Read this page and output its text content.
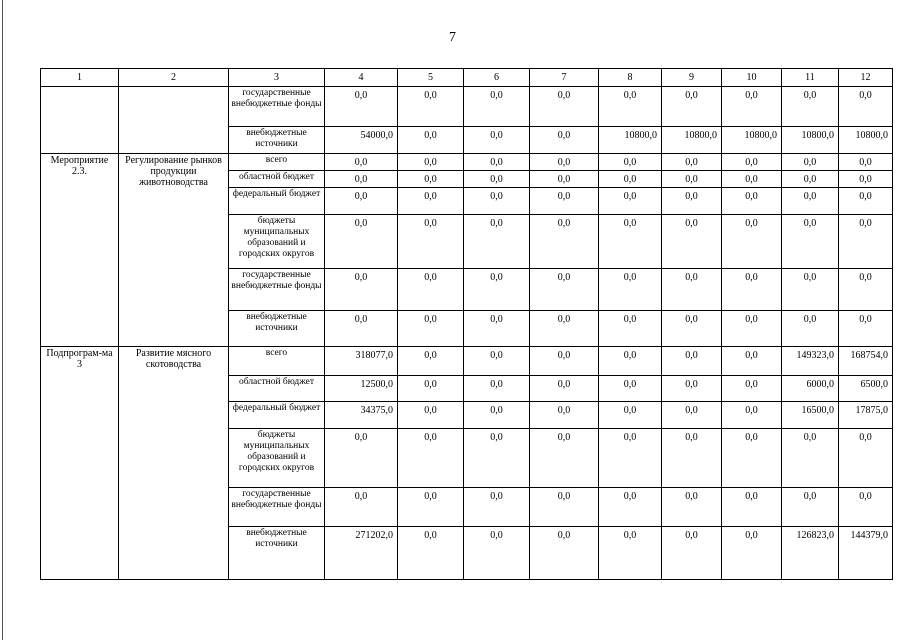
7
1	2	3	4	5	6	7	8	9	10	11	12
		государственные внебюджетные фонды	0,0	0,0	0,0	0,0	0,0	0,0	0,0	0,0	0,0
		внебюджетные источники	54000,0	0,0	0,0	0,0	10800,0	10800,0	10800,0	10800,0	10800,0
Мероприятие 2.3.	Регулирование рынков продукции животноводства	всего	0,0	0,0	0,0	0,0	0,0	0,0	0,0	0,0	0,0
		областной бюджет	0,0	0,0	0,0	0,0	0,0	0,0	0,0	0,0	0,0
		федеральный бюджет	0,0	0,0	0,0	0,0	0,0	0,0	0,0	0,0	0,0
		бюджеты муниципальных образований и городских округов	0,0	0,0	0,0	0,0	0,0	0,0	0,0	0,0	0,0
		государственные внебюджетные фонды	0,0	0,0	0,0	0,0	0,0	0,0	0,0	0,0	0,0
		внебюджетные источники	0,0	0,0	0,0	0,0	0,0	0,0	0,0	0,0	0,0
Подпрограм-ма 3	Развитие мясного скотоводства	всего	318077,0	0,0	0,0	0,0	0,0	0,0	0,0	149323,0	168754,0
		областной бюджет	12500,0	0,0	0,0	0,0	0,0	0,0	0,0	6000,0	6500,0
		федеральный бюджет	34375,0	0,0	0,0	0,0	0,0	0,0	0,0	16500,0	17875,0
		бюджеты муниципальных образований и городских округов	0,0	0,0	0,0	0,0	0,0	0,0	0,0	0,0	0,0
		государственные внебюджетные фонды	0,0	0,0	0,0	0,0	0,0	0,0	0,0	0,0	0,0
		внебюджетные источники	271202,0	0,0	0,0	0,0	0,0	0,0	0,0	126823,0	144379,0
